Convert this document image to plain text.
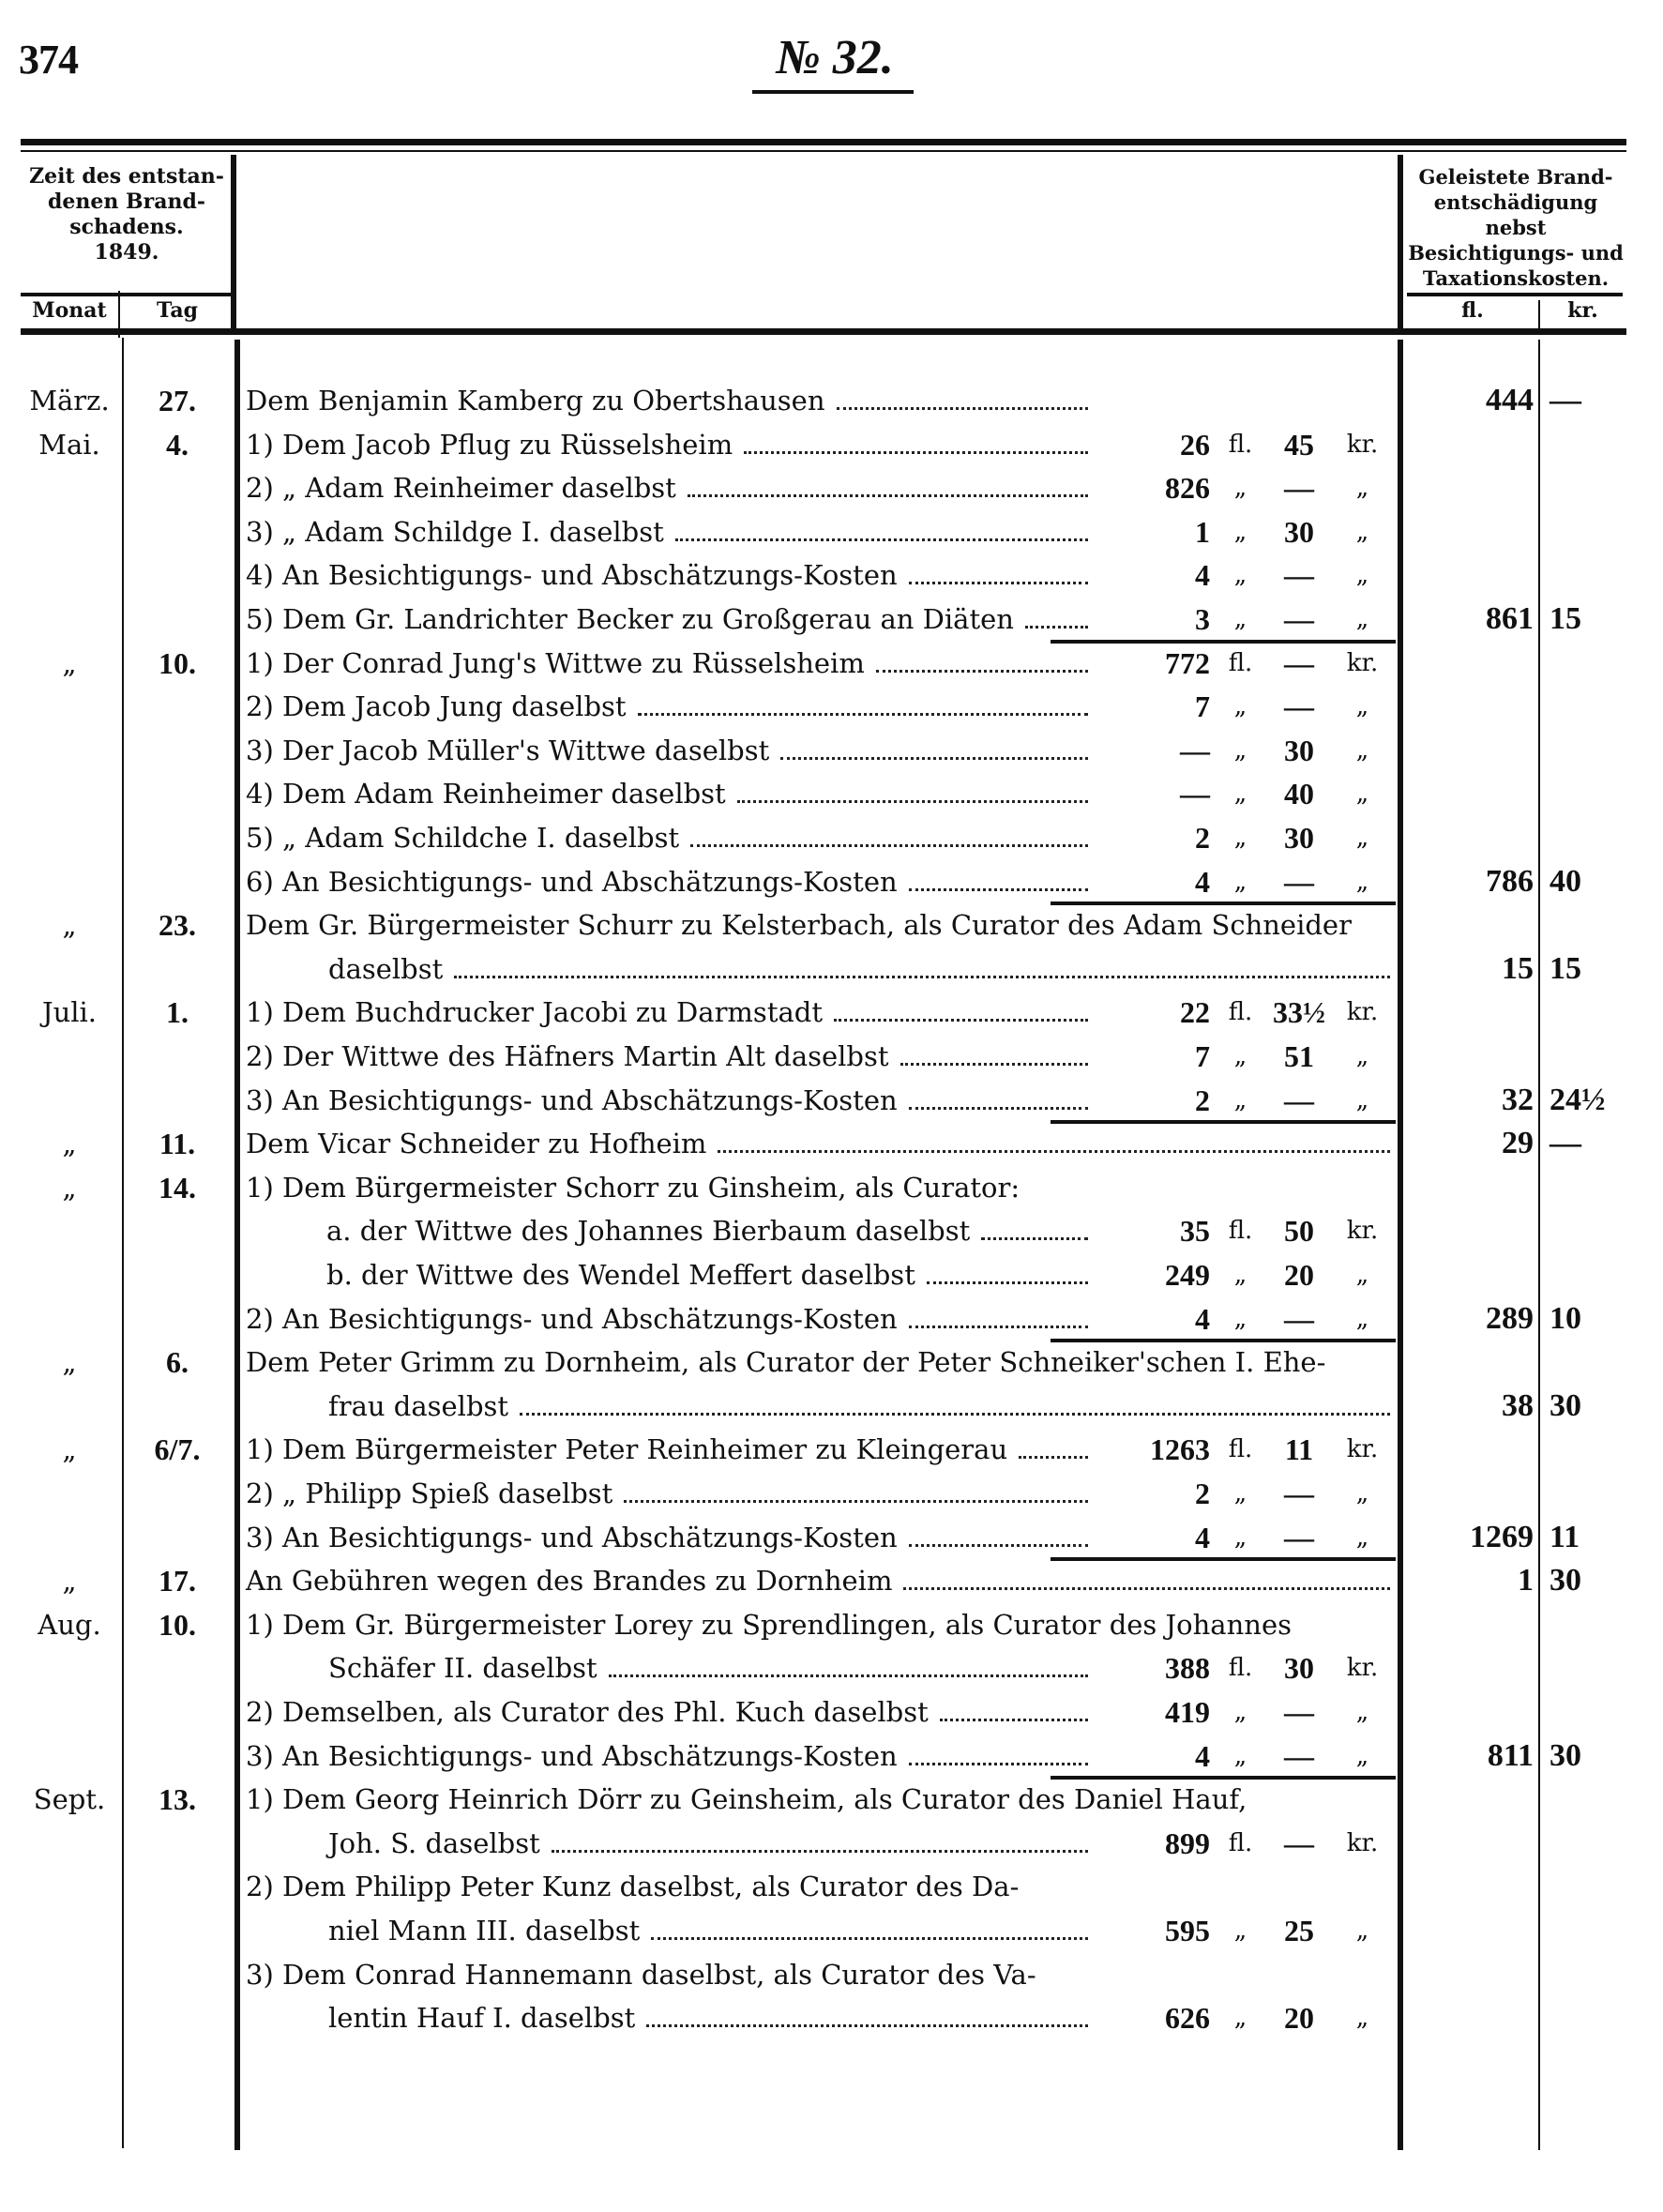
374	№ 32.
Zeit des entstan-
denen Brand-
schadens.
1849.
Geleistete Brand-
entschädigung nebst
Besichtigungs- und
Taxationskosten.
Monat	Tag	fl.	kr.
März.	27.	Dem Benjamin Kamberg zu Obertshausen	444 —
Mai.	4.	1) Dem Jacob Pflug zu Rüsselsheim	26 fl.	45	kr.
2) „ Adam Reinheimer daselbst	826 „	—	„
3) „ Adam Schildge I. daselbst	1 „	30	„
4) An Besichtigungs- und Abschätzungs-Kosten	4 „	—	„
5) Dem Gr. Landrichter Becker zu Großgerau an Diäten	3 „	—	„	861 15
„	10.	1) Der Conrad Jung's Wittwe zu Rüsselsheim	772 fl.	—	kr.
2) Dem Jacob Jung daselbst	7 „	—	„
3) Der Jacob Müller's Wittwe daselbst	— „	30	„
4) Dem Adam Reinheimer daselbst	— „	40	„
5) „ Adam Schildche I. daselbst	2 „	30	„
6) An Besichtigungs- und Abschätzungs-Kosten	4 „	—	„	786 40
„	23.	Dem Gr. Bürgermeister Schurr zu Kelsterbach, als Curator des Adam Schneider
daselbst	15 15
Juli.	1.	1) Dem Buchdrucker Jacobi zu Darmstadt	22 fl. 33½ kr.
2) Der Wittwe des Häfners Martin Alt daselbst	7 „	51	„
3) An Besichtigungs- und Abschätzungs-Kosten	2 „	—	„	32 24½
„	11.	Dem Vicar Schneider zu Hofheim	29 —
„	14.	1) Dem Bürgermeister Schorr zu Ginsheim, als Curator:
a. der Wittwe des Johannes Bierbaum daselbst	35 fl.	50	kr.
b. der Wittwe des Wendel Meffert daselbst	249 „	20	„
2) An Besichtigungs- und Abschätzungs-Kosten	4 „	—	„	289 10
„	6.	Dem Peter Grimm zu Dornheim, als Curator der Peter Schneiker'schen I. Ehe-
frau daselbst	38 30
„	6/7.	1) Dem Bürgermeister Peter Reinheimer zu Kleingerau	1263 fl.	11	kr.
2) „ Philipp Spieß daselbst	2 „	—	„
3) An Besichtigungs- und Abschätzungs-Kosten	4 „	—	„	1269 11
„	17.	An Gebühren wegen des Brandes zu Dornheim	1 30
Aug.	10.	1) Dem Gr. Bürgermeister Lorey zu Sprendlingen, als Curator des Johannes
Schäfer II. daselbst	388 fl.	30	kr.
2) Demselben, als Curator des Phl. Kuch daselbst	419 „	—	„
3) An Besichtigungs- und Abschätzungs-Kosten	4 „	—	„	811 30
Sept.	13.	1) Dem Georg Heinrich Dörr zu Geinsheim, als Curator des Daniel Hauf,
Joh. S. daselbst	899 fl.	—	kr.
2) Dem Philipp Peter Kunz daselbst, als Curator des Da-
niel Mann III. daselbst	595 „	25	„
3) Dem Conrad Hannemann daselbst, als Curator des Va-
lentin Hauf I. daselbst	626 „	20	„
